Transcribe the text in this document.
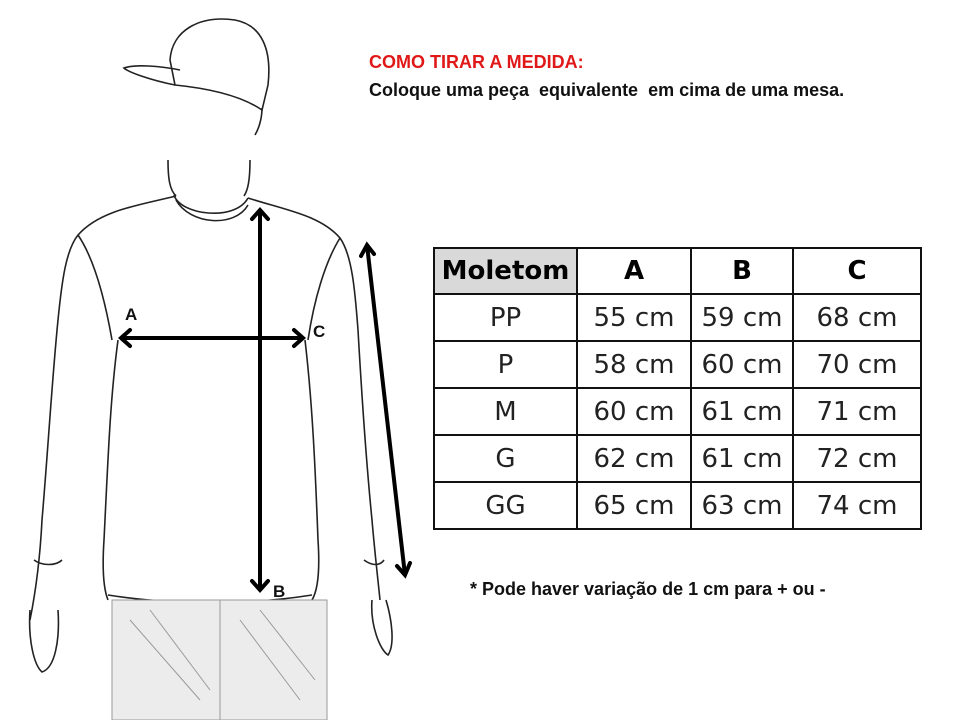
A
C
B
COMO TIRAR A MEDIDA:
Coloque uma peça  equivalente  em cima de uma mesa.
Moletom	A	B	C
PP	55 cm	59 cm	68 cm
P	58 cm	60 cm	70 cm
M	60 cm	61 cm	71 cm
G	62 cm	61 cm	72 cm
GG	65 cm	63 cm	74 cm
* Pode haver variação de 1 cm para + ou -
